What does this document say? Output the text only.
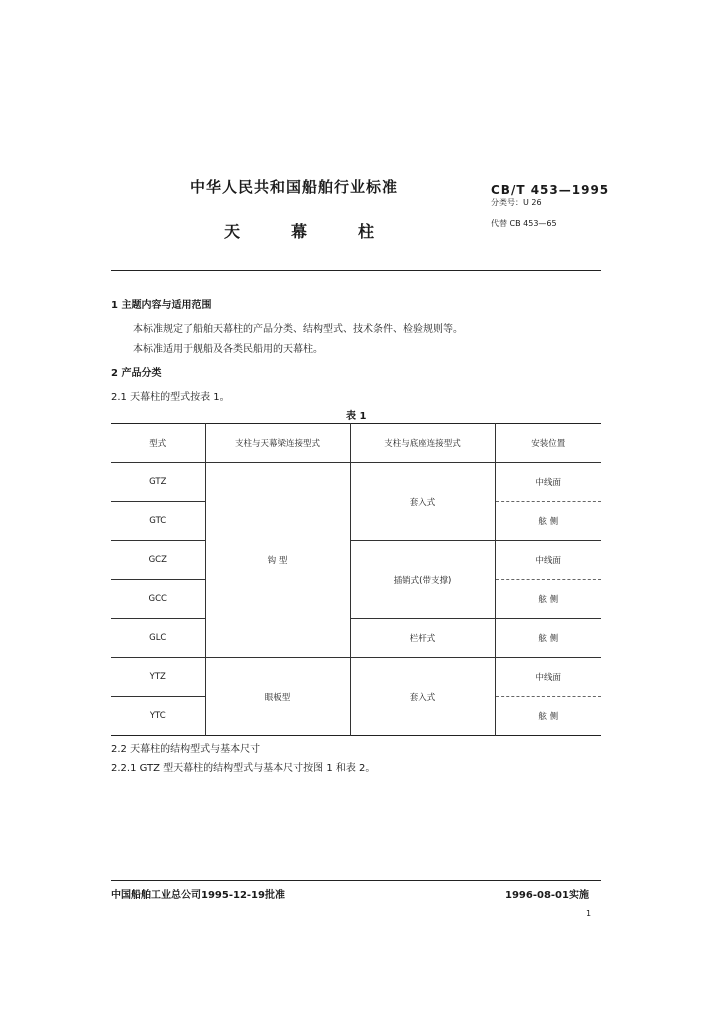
中华人民共和国船舶行业标准
天	幕	柱
CB/T 453—1995
分类号：U 26
代替 CB 453—65
1 主题内容与适用范围
本标准规定了船舶天幕柱的产品分类、结构型式、技术条件、检验规则等。
本标准适用于舰船及各类民船用的天幕柱。
2 产品分类
2.1 天幕柱的型式按表 1。
表 1
型式	支柱与天幕梁连接型式	支柱与底座连接型式	安装位置
GTZ	钩 型	套入式	中线面
GTC			舷 侧
GCZ		插销式(带支撑)	中线面
GCC			舷 侧
GLC		栏杆式	舷 侧
YTZ	眼板型	套入式	中线面
YTC			舷 侧
2.2 天幕柱的结构型式与基本尺寸
2.2.1 GTZ 型天幕柱的结构型式与基本尺寸按图 1 和表 2。
中国船舶工业总公司1995-12-19批准	1996-08-01实施
1
